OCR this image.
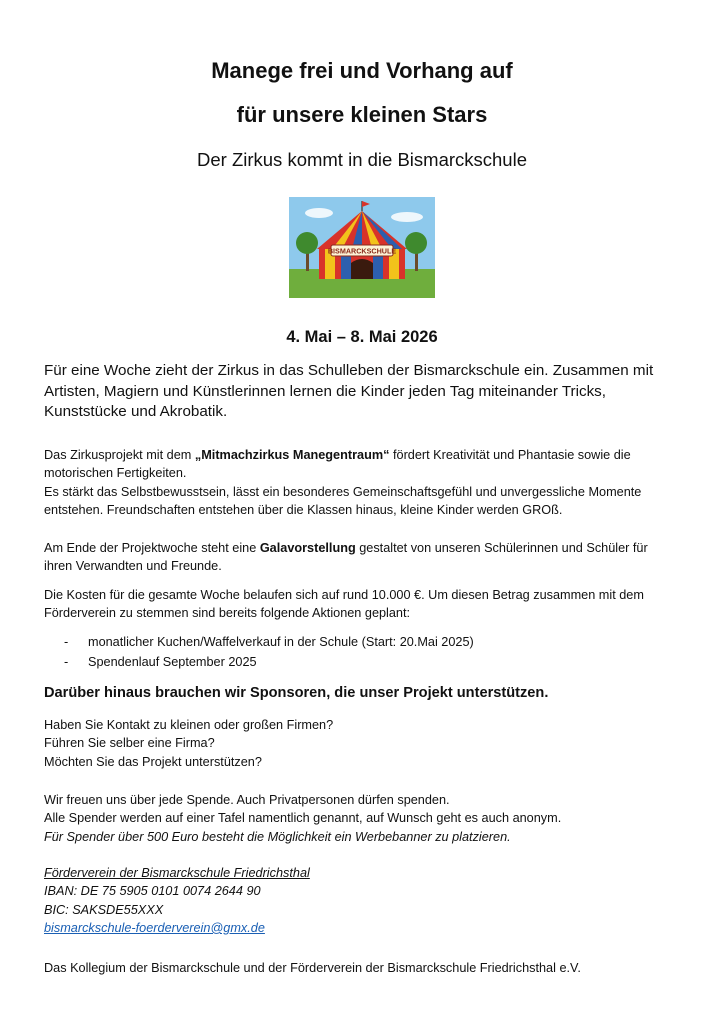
Manege frei und Vorhang auf
für unsere kleinen Stars

Der Zirkus kommt in die Bismarckschule

BISMARCKSCHULE

4. Mai – 8. Mai 2026

Für eine Woche zieht der Zirkus in das Schulleben der Bismarckschule ein. Zusammen mit
Artisten, Magiern und Künstlerinnen lernen die Kinder jeden Tag miteinander Tricks,
Kunststücke und Akrobatik.

Das Zirkusprojekt mit dem „Mitmachzirkus Manegentraum“ fördert Kreativität und Phantasie sowie die
motorischen Fertigkeiten.
Es stärkt das Selbstbewusstsein, lässt ein besonderes Gemeinschaftsgefühl und unvergessliche Momente
entstehen. Freundschaften entstehen über die Klassen hinaus, kleine Kinder werden GROß.

Am Ende der Projektwoche steht eine Galavorstellung gestaltet von unseren Schülerinnen und Schüler für
ihren Verwandten und Freunde.

Die Kosten für die gesamte Woche belaufen sich auf rund 10.000 €. Um diesen Betrag zusammen mit dem
Förderverein zu stemmen sind bereits folgende Aktionen geplant:

- monatlicher Kuchen/Waffelverkauf in der Schule (Start: 20.Mai 2025)
- Spendenlauf September 2025

Darüber hinaus brauchen wir Sponsoren, die unser Projekt unterstützen.

Haben Sie Kontakt zu kleinen oder großen Firmen?
Führen Sie selber eine Firma?
Möchten Sie das Projekt unterstützen?

Wir freuen uns über jede Spende. Auch Privatpersonen dürfen spenden.
Alle Spender werden auf einer Tafel namentlich genannt, auf Wunsch geht es auch anonym.
Für Spender über 500 Euro besteht die Möglichkeit ein Werbebanner zu platzieren.

Förderverein der Bismarckschule Friedrichsthal
IBAN: DE 75 5905 0101 0074 2644 90
BIC: SAKSDE55XXX
bismarckschule-foerderverein@gmx.de

Das Kollegium der Bismarckschule und der Förderverein der Bismarckschule Friedrichsthal e.V.
